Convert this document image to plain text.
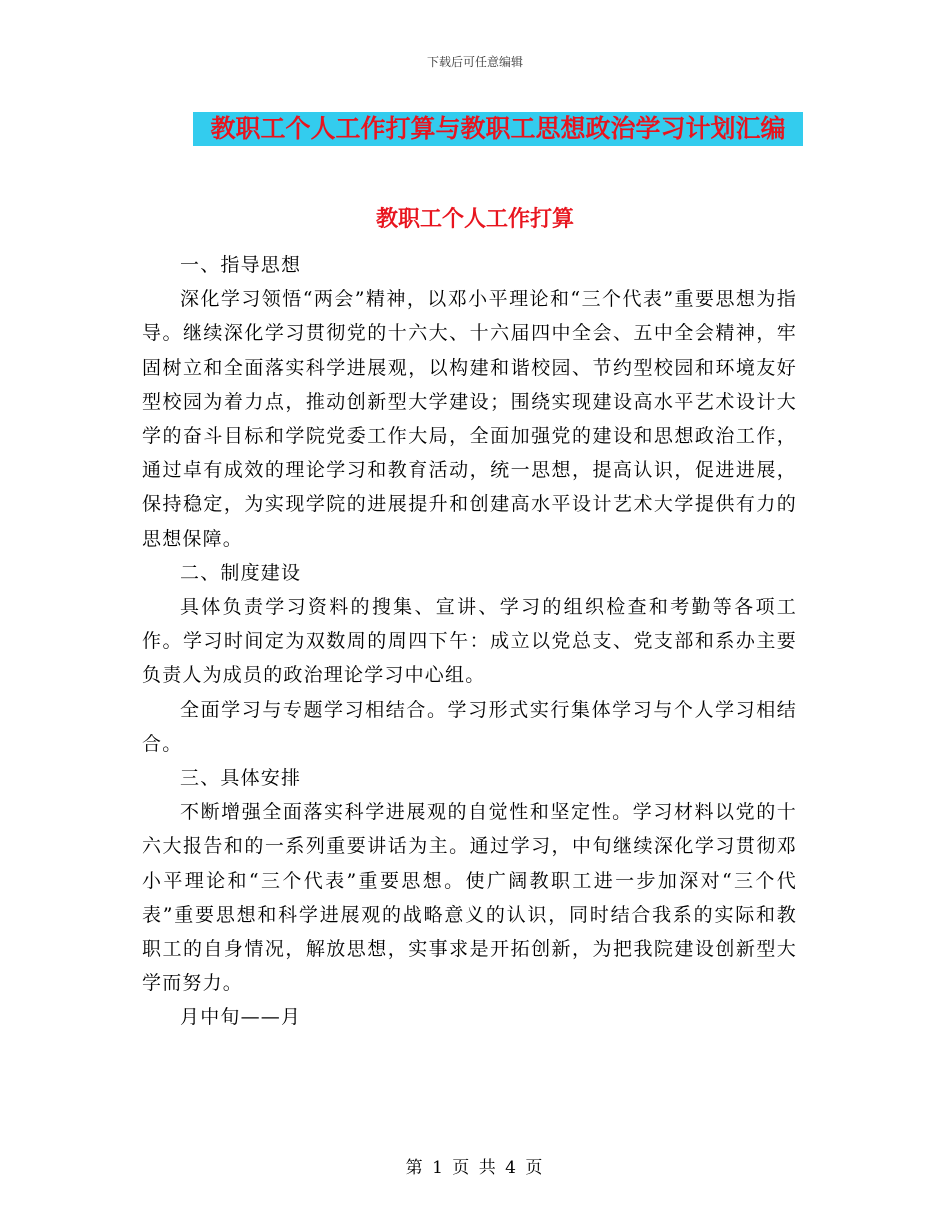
下载后可任意编辑
教职工个人工作打算与教职工思想政治学习计划汇编
教职工个人工作打算

一、指导思想

深化学习领悟“两会”精神，以邓小平理论和“三个代表”重要思想为指导。继续深化学习贯彻党的十六大、十六届四中全会、五中全会精神，牢固树立和全面落实科学进展观，以构建和谐校园、节约型校园和环境友好型校园为着力点，推动创新型大学建设；围绕实现建设高水平艺术设计大学的奋斗目标和学院党委工作大局，全面加强党的建设和思想政治工作，通过卓有成效的理论学习和教育活动，统一思想，提高认识，促进进展，保持稳定，为实现学院的进展提升和创建高水平设计艺术大学提供有力的思想保障。

二、制度建设

具体负责学习资料的搜集、宣讲、学习的组织检查和考勤等各项工作。学习时间定为双数周的周四下午：成立以党总支、党支部和系办主要负责人为成员的政治理论学习中心组。

全面学习与专题学习相结合。学习形式实行集体学习与个人学习相结合。

三、具体安排

不断增强全面落实科学进展观的自觉性和坚定性。学习材料以党的十六大报告和的一系列重要讲话为主。通过学习，中旬继续深化学习贯彻邓小平理论和“三个代表”重要思想。使广阔教职工进一步加深对“三个代表”重要思想和科学进展观的战略意义的认识，同时结合我系的实际和教职工的自身情况，解放思想，实事求是开拓创新，为把我院建设创新型大学而努力。

月中旬——月

第 1 页 共 4 页
